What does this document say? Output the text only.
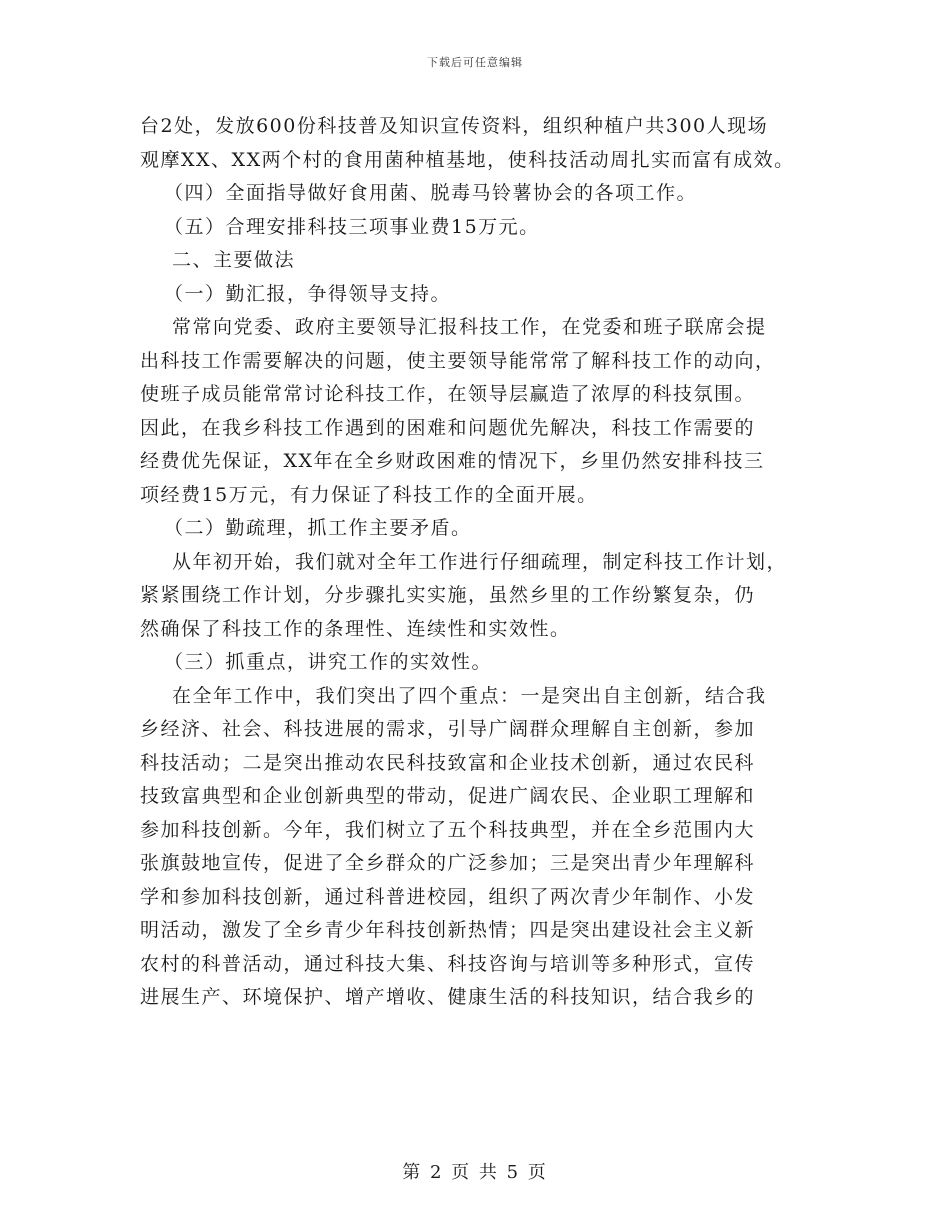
下载后可任意编辑
台2处，发放600份科技普及知识宣传资料，组织种植户共300人现场
观摩XX、XX两个村的食用菌种植基地，使科技活动周扎实而富有成效。
（四）全面指导做好食用菌、脱毒马铃薯协会的各项工作。
（五）合理安排科技三项事业费15万元。
二、主要做法
（一）勤汇报，争得领导支持。
常常向党委、政府主要领导汇报科技工作，在党委和班子联席会提
出科技工作需要解决的问题，使主要领导能常常了解科技工作的动向，
使班子成员能常常讨论科技工作，在领导层赢造了浓厚的科技氛围。
因此，在我乡科技工作遇到的困难和问题优先解决，科技工作需要的
经费优先保证，XX年在全乡财政困难的情况下，乡里仍然安排科技三
项经费15万元，有力保证了科技工作的全面开展。
（二）勤疏理，抓工作主要矛盾。
从年初开始，我们就对全年工作进行仔细疏理，制定科技工作计划，
紧紧围绕工作计划，分步骤扎实实施，虽然乡里的工作纷繁复杂，仍
然确保了科技工作的条理性、连续性和实效性。
（三）抓重点，讲究工作的实效性。
在全年工作中，我们突出了四个重点：一是突出自主创新，结合我
乡经济、社会、科技进展的需求，引导广阔群众理解自主创新，参加
科技活动；二是突出推动农民科技致富和企业技术创新，通过农民科
技致富典型和企业创新典型的带动，促进广阔农民、企业职工理解和
参加科技创新。今年，我们树立了五个科技典型，并在全乡范围内大
张旗鼓地宣传，促进了全乡群众的广泛参加；三是突出青少年理解科
学和参加科技创新，通过科普进校园，组织了两次青少年制作、小发
明活动，激发了全乡青少年科技创新热情；四是突出建设社会主义新
农村的科普活动，通过科技大集、科技咨询与培训等多种形式，宣传
进展生产、环境保护、增产增收、健康生活的科技知识，结合我乡的
第 2 页 共 5 页
